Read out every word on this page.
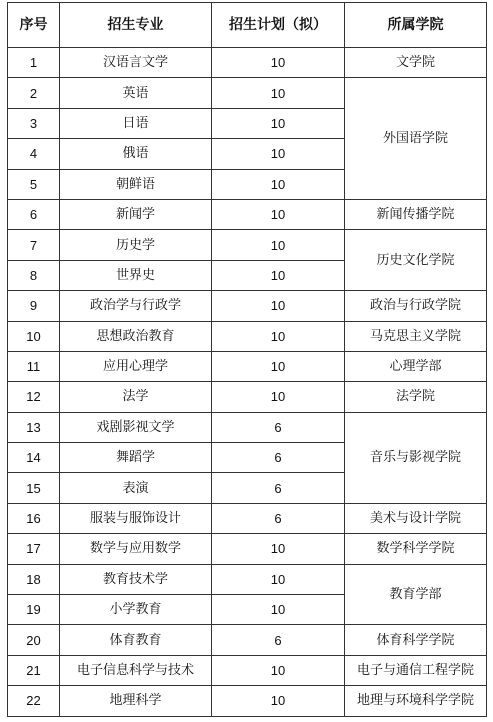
序号	招生专业	招生计划（拟）	所属学院
1	汉语言文学	10	文学院
2	英语	10	外国语学院
3	日语	10	
4	俄语	10	
5	朝鲜语	10	
6	新闻学	10	新闻传播学院
7	历史学	10	历史文化学院
8	世界史	10	
9	政治学与行政学	10	政治与行政学院
10	思想政治教育	10	马克思主义学院
11	应用心理学	10	心理学部
12	法学	10	法学院
13	戏剧影视文学	6	音乐与影视学院
14	舞蹈学	6	
15	表演	6	
16	服装与服饰设计	6	美术与设计学院
17	数学与应用数学	10	数学科学学院
18	教育技术学	10	教育学部
19	小学教育	10	
20	体育教育	6	体育科学学院
21	电子信息科学与技术	10	电子与通信工程学院
22	地理科学	10	地理与环境科学学院
